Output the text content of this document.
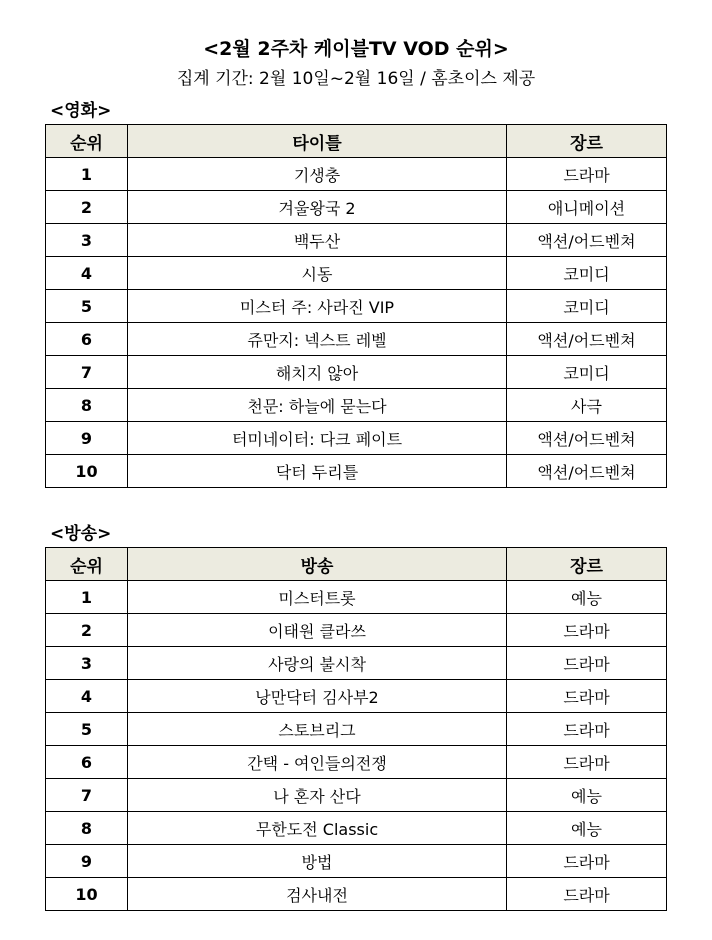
<2월 2주차 케이블TV VOD 순위>
집계 기간: 2월 10일~2월 16일 / 홈초이스 제공
<영화>
순위	타이틀	장르
1	기생충	드라마
2	겨울왕국 2	애니메이션
3	백두산	액션/어드벤쳐
4	시동	코미디
5	미스터 주: 사라진 VIP	코미디
6	쥬만지: 넥스트 레벨	액션/어드벤쳐
7	해치지 않아	코미디
8	천문: 하늘에 묻는다	사극
9	터미네이터: 다크 페이트	액션/어드벤쳐
10	닥터 두리틀	액션/어드벤쳐
<방송>
순위	방송	장르
1	미스터트롯	예능
2	이태원 클라쓰	드라마
3	사랑의 불시착	드라마
4	낭만닥터 김사부2	드라마
5	스토브리그	드라마
6	간택 - 여인들의전쟁	드라마
7	나 혼자 산다	예능
8	무한도전 Classic	예능
9	방법	드라마
10	검사내전	드라마
